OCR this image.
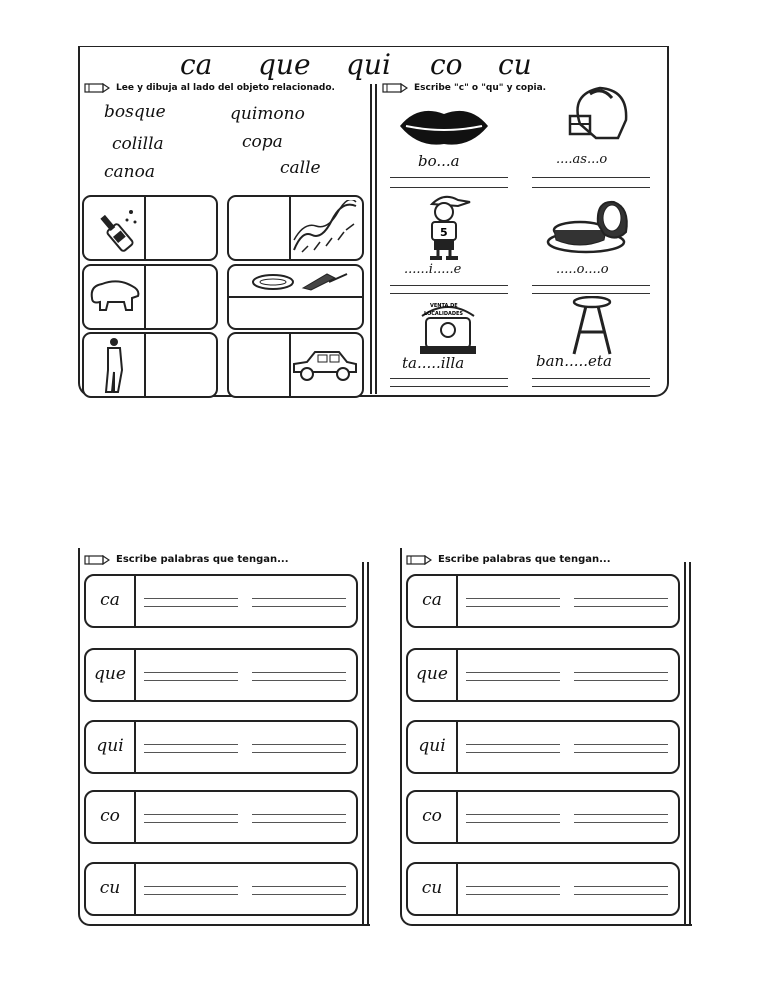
ca que qui co cu
Lee y dibuja al lado del objeto relacionado.
bosque	quimono
colilla	copa
canoa	calle
Escribe "c" o "qu" y copia.
5
VENTA DE
LOCALIDADES
bo...a	....as...o
......i.....e	.....o....o
ta.....illa	ban.....eta
Escribe palabras que tengan...
ca
que
qui
co
cu
Escribe palabras que tengan...
ca
que
qui
co
cu
